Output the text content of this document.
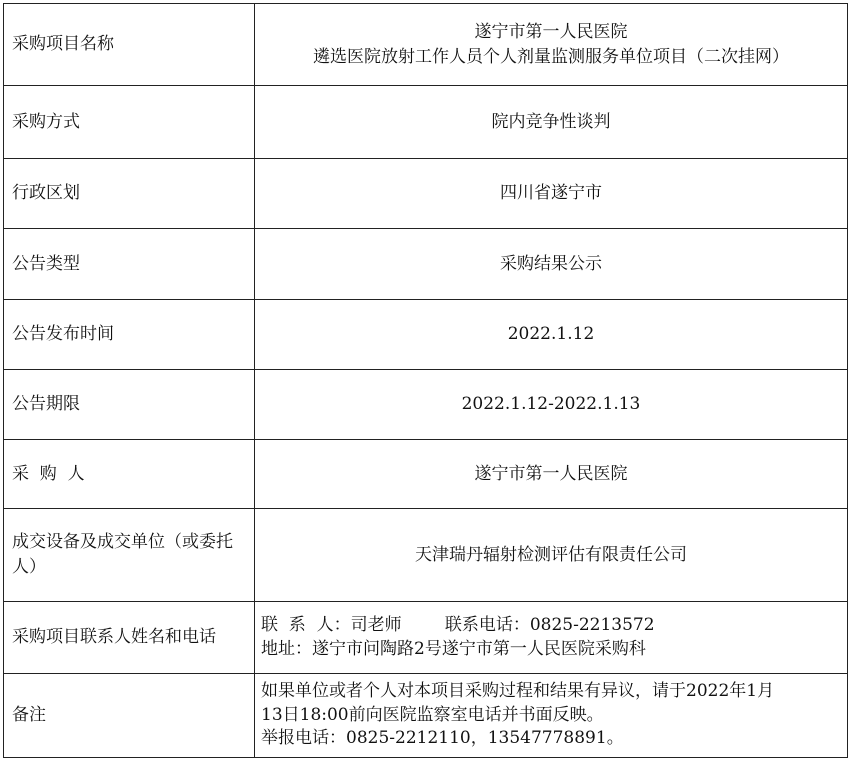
采购项目名称	遂宁市第一人民医院
遴选医院放射工作人员个人剂量监测服务单位项目（二次挂网）

采购方式	院内竞争性谈判
行政区划	四川省遂宁市
公告类型	采购结果公示
公告发布时间	2022.1.12
公告期限	2022.1.12-2022.1.13
采  购  人	遂宁市第一人民医院
成交设备及成交单位（或委托人）	天津瑞丹辐射检测评估有限责任公司
采购项目联系人姓名和电话	联  系  人：司老师        联系电话：0825-2213572
地址：遂宁市问陶路2号遂宁市第一人民医院采购科

备注	如果单位或者个人对本项目采购过程和结果有异议，请于2022年1月
13日18:00前向医院监察室电话并书面反映。
举报电话：0825-2212110，13547778891。
